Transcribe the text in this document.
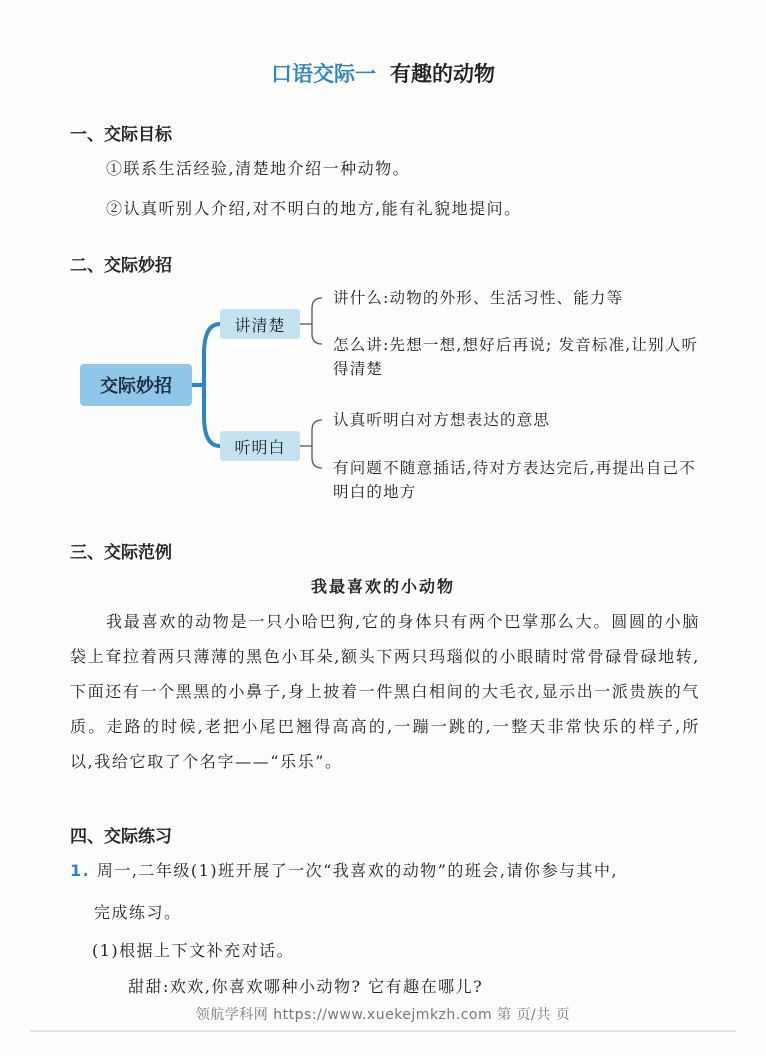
口语交际一 有趣的动物
一、交际目标
①联系生活经验,清楚地介绍一种动物。
②认真听别人介绍,对不明白的地方,能有礼貌地提问。
二、交际妙招
交际妙招
讲清楚
听明白
讲什么:动物的外形、生活习性、能力等
怎么讲:先想一想,想好后再说; 发音标准,让别人听得清楚
认真听明白对方想表达的意思
有问题不随意插话,待对方表达完后,再提出自己不明白的地方
三、交际范例
我最喜欢的小动物

我最喜欢的动物是一只小哈巴狗,它的身体只有两个巴掌那么大。圆圆的小脑袋上耷拉着两只薄薄的黑色小耳朵,额头下两只玛瑙似的小眼睛时常骨碌骨碌地转,下面还有一个黑黑的小鼻子,身上披着一件黑白相间的大毛衣,显示出一派贵族的气质。走路的时候,老把小尾巴翘得高高的,一蹦一跳的,一整天非常快乐的样子,所以,我给它取了个名字——“乐乐”。

四、交际练习
1. 周一,二年级(1)班开展了一次“我喜欢的动物”的班会,请你参与其中,
完成练习。
(1)根据上下文补充对话。
甜甜:欢欢,你喜欢哪种小动物? 它有趣在哪儿?
领航学科网 https://www.xuekejmkzh.com 第 页/共 页
